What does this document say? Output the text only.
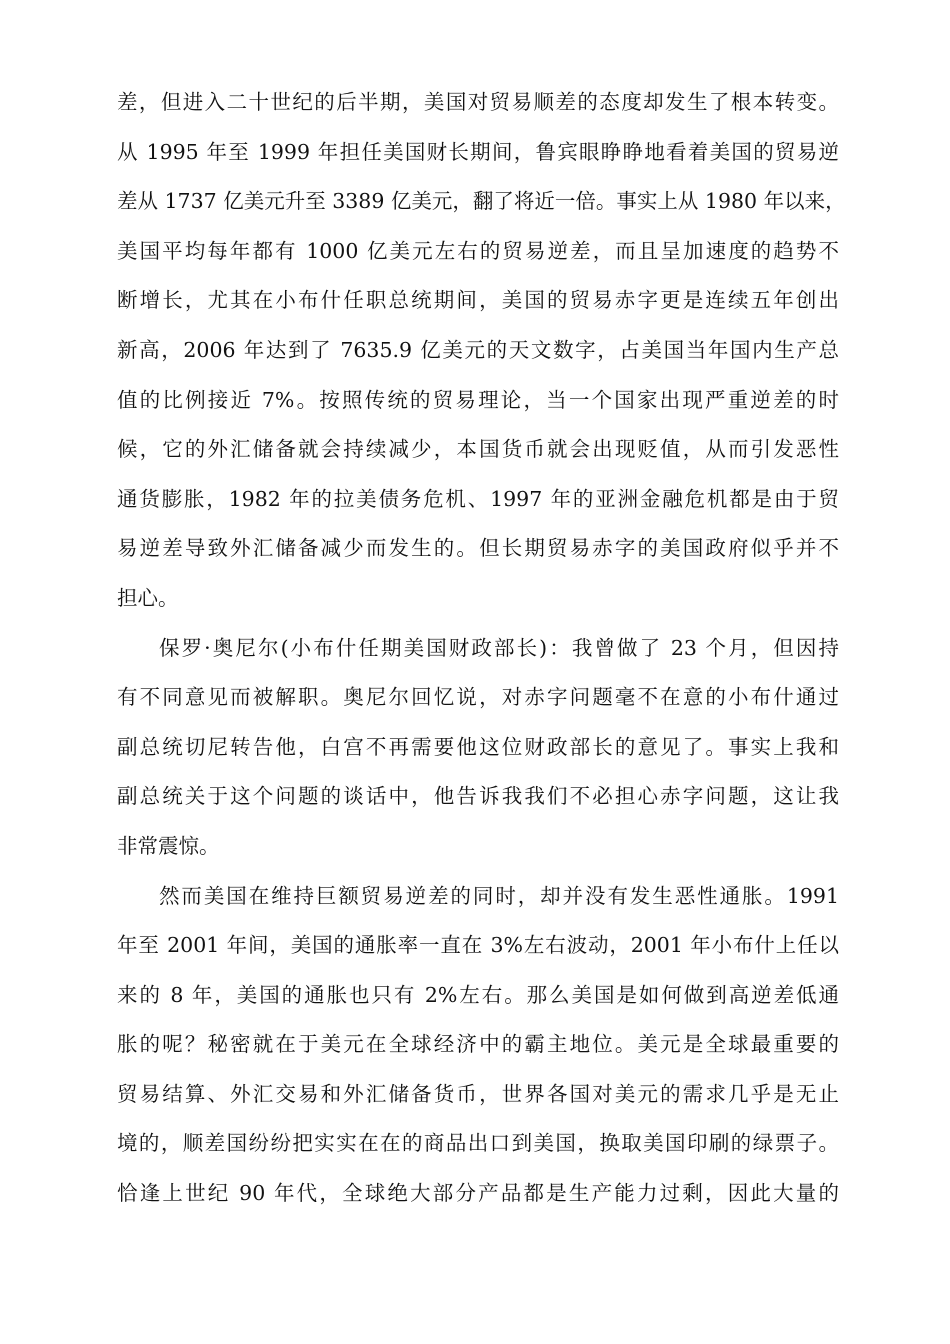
差，但进入二十世纪的后半期，美国对贸易顺差的态度却发生了根本转变。
从 1995 年至 1999 年担任美国财长期间，鲁宾眼睁睁地看着美国的贸易逆
差从 1737 亿美元升至 3389 亿美元，翻了将近一倍。事实上从 1980 年以来，
美国平均每年都有 1000 亿美元左右的贸易逆差，而且呈加速度的趋势不
断增长，尤其在小布什任职总统期间，美国的贸易赤字更是连续五年创出
新高，2006 年达到了 7635.9 亿美元的天文数字，占美国当年国内生产总
值的比例接近 7%。按照传统的贸易理论，当一个国家出现严重逆差的时
候，它的外汇储备就会持续减少，本国货币就会出现贬值，从而引发恶性
通货膨胀，1982 年的拉美债务危机、1997 年的亚洲金融危机都是由于贸
易逆差导致外汇储备减少而发生的。但长期贸易赤字的美国政府似乎并不
担心。
保罗·奥尼尔(小布什任期美国财政部长)：我曾做了 23 个月，但因持
有不同意见而被解职。奥尼尔回忆说，对赤字问题毫不在意的小布什通过
副总统切尼转告他，白宫不再需要他这位财政部长的意见了。事实上我和
副总统关于这个问题的谈话中，他告诉我我们不必担心赤字问题，这让我
非常震惊。
然而美国在维持巨额贸易逆差的同时，却并没有发生恶性通胀。1991
年至 2001 年间，美国的通胀率一直在 3%左右波动，2001 年小布什上任以
来的 8 年，美国的通胀也只有 2%左右。那么美国是如何做到高逆差低通
胀的呢？秘密就在于美元在全球经济中的霸主地位。美元是全球最重要的
贸易结算、外汇交易和外汇储备货币，世界各国对美元的需求几乎是无止
境的，顺差国纷纷把实实在在的商品出口到美国，换取美国印刷的绿票子。
恰逢上世纪 90 年代，全球绝大部分产品都是生产能力过剩，因此大量的
